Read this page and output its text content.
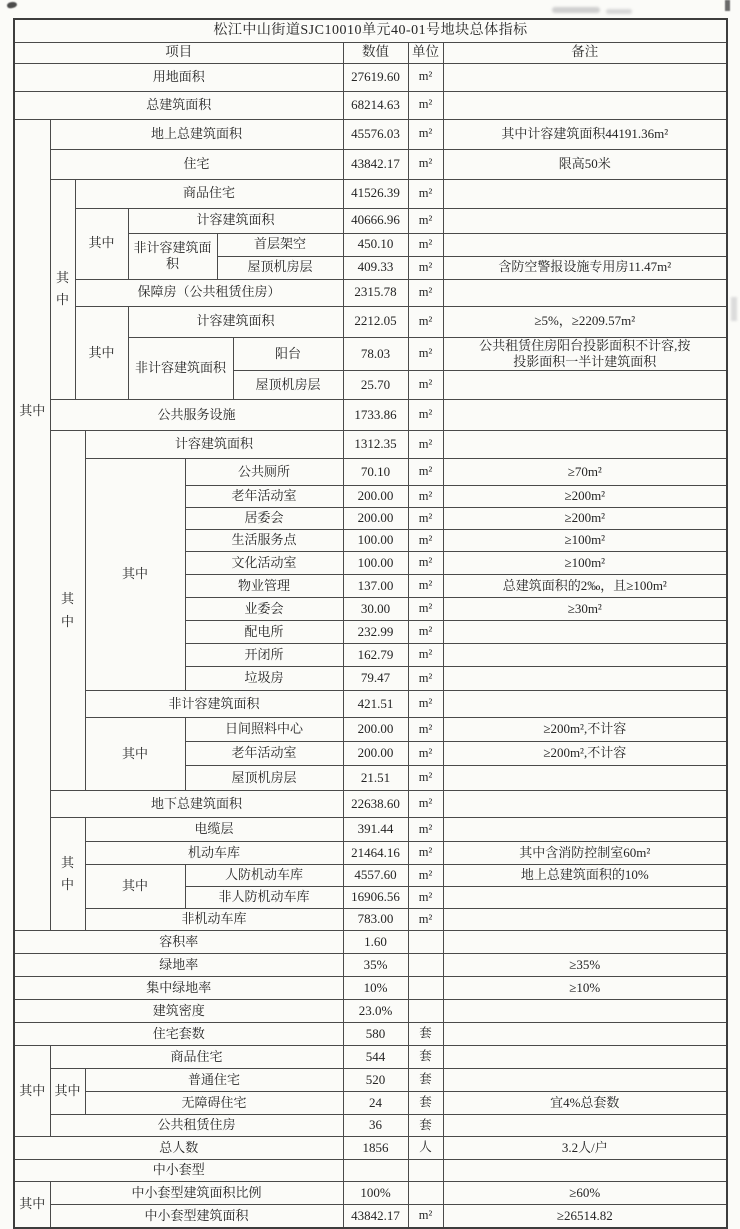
松江中山街道SJC10010单元40-01号地块总体指标										
项目								数值	单位	备注
用地面积								27619.60	m²	
总建筑面积								68214.63	m²	
其中	地上总建筑面积							45576.03	m²	其中计容建筑面积44191.36m²
	住宅							43842.17	m²	限高50米
	其中	商品住宅						41526.39	m²	
		其中		计容建筑面积				40666.96	m²	
				非计容建筑面积		首层架空		450.10	m²	
						屋顶机房层		409.33	m²	含防空警报设施专用房11.47m²
		保障房（公共租赁住房）						2315.78	m²	
		其中		计容建筑面积				2212.05	m²	≥5%，≥2209.57m²
				非计容建筑面积			阳台	78.03	m²	公共租赁住房阳台投影面积不计容,按投影面积一半计建筑面积
							屋顶机房层	25.70	m²	
	公共服务设施							1733.86	m²	
	其中		计容建筑面积					1312.35	m²	
			其中		公共厕所			70.10	m²	≥70m²
					老年活动室			200.00	m²	≥200m²
					居委会			200.00	m²	≥200m²
					生活服务点			100.00	m²	≥100m²
					文化活动室			100.00	m²	≥100m²
					物业管理			137.00	m²	总建筑面积的2‰，且≥100m²
					业委会			30.00	m²	≥30m²
					配电所			232.99	m²	
					开闭所			162.79	m²	
					垃圾房			79.47	m²	
			非计容建筑面积					421.51	m²	
			其中		日间照料中心			200.00	m²	≥200m²,不计容
					老年活动室			200.00	m²	≥200m²,不计容
					屋顶机房层			21.51	m²	
	地下总建筑面积							22638.60	m²	
	其中		电缆层					391.44	m²	
			机动车库					21464.16	m²	其中含消防控制室60m²
			其中		人防机动车库			4557.60	m²	地上总建筑面积的10%
					非人防机动车库			16906.56	m²	
			非机动车库					783.00	m²	
容积率								1.60		
绿地率								35%		≥35%
集中绿地率								10%		≥10%
建筑密度								23.0%		
住宅套数								580	套	
其中	商品住宅							544	套	
	其中		普通住宅					520	套	
			无障碍住宅					24	套	宜4%总套数
	公共租赁住房							36	套	
总人数								1856	人	3.2人/户
中小套型										
其中	中小套型建筑面积比例							100%		≥60%
	中小套型建筑面积							43842.17	m²	≥26514.82
